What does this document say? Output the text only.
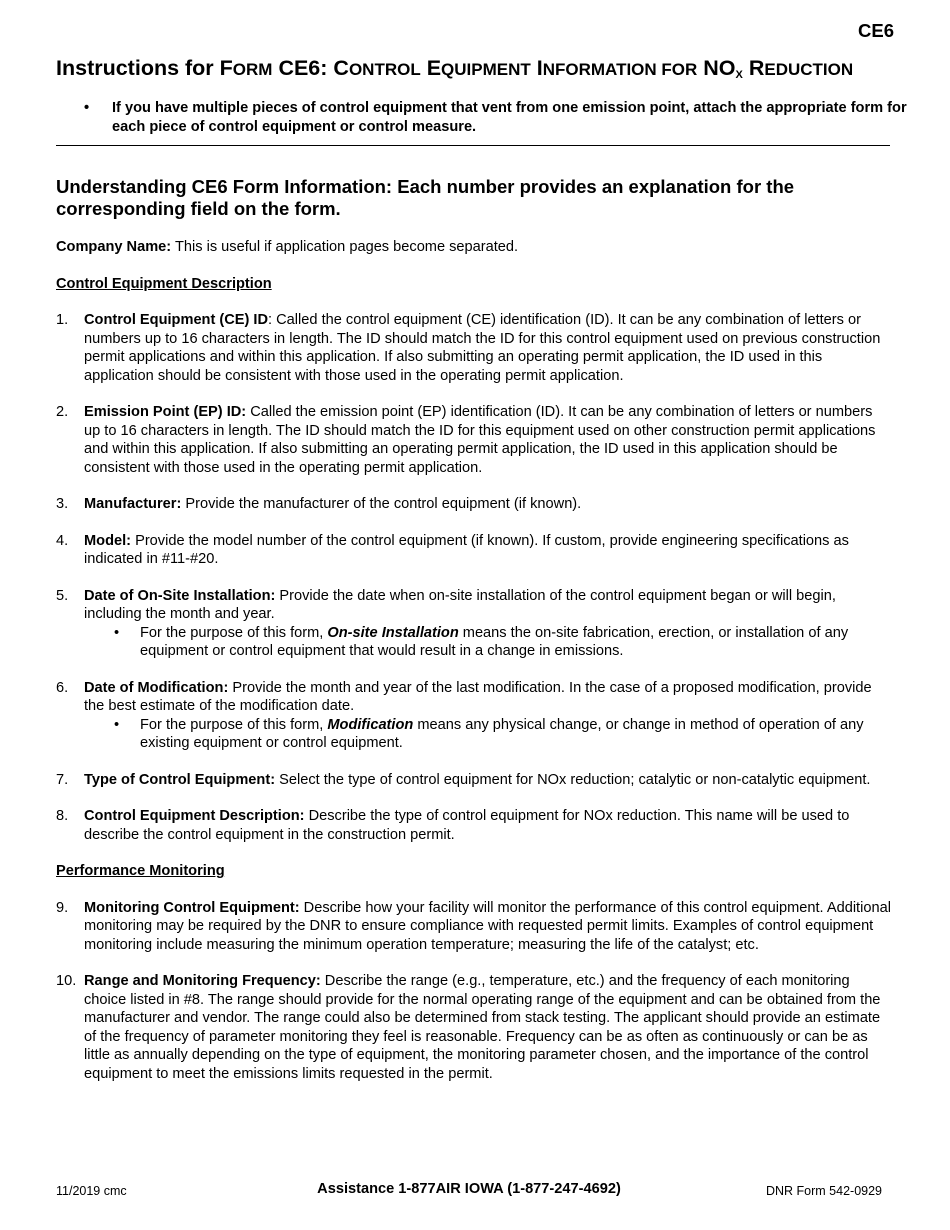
CE6
Instructions for FORM CE6: CONTROL EQUIPMENT INFORMATION FOR $NO_X$ REDUCTION
• If you have multiple pieces of control equipment that vent from one emission point, attach the appropriate form for each piece of control equipment or control measure.
Understanding CE6 Form Information: Each number provides an explanation for the corresponding field on the form.

Company Name: This is useful if application pages become separated.

Control Equipment Description

1. Control Equipment (CE) ID: Called the control equipment (CE) identification (ID). It can be any combination of letters or numbers up to 16 characters in length. The ID should match the ID for this control equipment used on previous construction permit applications and within this application. If also submitting an operating permit application, the ID used in this application should be consistent with those used in the operating permit application.
2. Emission Point (EP) ID: Called the emission point (EP) identification (ID). It can be any combination of letters or numbers up to 16 characters in length. The ID should match the ID for this equipment used on other construction permit applications and within this application. If also submitting an operating permit application, the ID used in this application should be consistent with those used in the operating permit application.
3. Manufacturer: Provide the manufacturer of the control equipment (if known).
4. Model: Provide the model number of the control equipment (if known). If custom, provide engineering specifications as indicated in #11-#20.
5. Date of On-Site Installation: Provide the date when on-site installation of the control equipment began or will begin, including the month and year.
• For the purpose of this form, On-site Installation means the on-site fabrication, erection, or installation of any equipment or control equipment that would result in a change in emissions.
6. Date of Modification: Provide the month and year of the last modification. In the case of a proposed modification, provide the best estimate of the modification date.
• For the purpose of this form, Modification means any physical change, or change in method of operation of any existing equipment or control equipment.
7. Type of Control Equipment: Select the type of control equipment for NOx reduction; catalytic or non-catalytic equipment.
8. Control Equipment Description: Describe the type of control equipment for NOx reduction. This name will be used to describe the control equipment in the construction permit.

Performance Monitoring

9. Monitoring Control Equipment: Describe how your facility will monitor the performance of this control equipment. Additional monitoring may be required by the DNR to ensure compliance with requested permit limits. Examples of control equipment monitoring include measuring the minimum operation temperature; measuring the life of the catalyst; etc.
10. Range and Monitoring Frequency: Describe the range (e.g., temperature, etc.) and the frequency of each monitoring choice listed in #8. The range should provide for the normal operating range of the equipment and can be obtained from the manufacturer and vendor. The range could also be determined from stack testing. The applicant should provide an estimate of the frequency of parameter monitoring they feel is reasonable. Frequency can be as often as continuously or can be as little as annually depending on the type of equipment, the monitoring parameter chosen, and the importance of the control equipment to meet the emissions limits requested in the permit.
11/2019 cmc	Assistance 1-877AIR IOWA (1-877-247-4692)	DNR Form 542-0929
